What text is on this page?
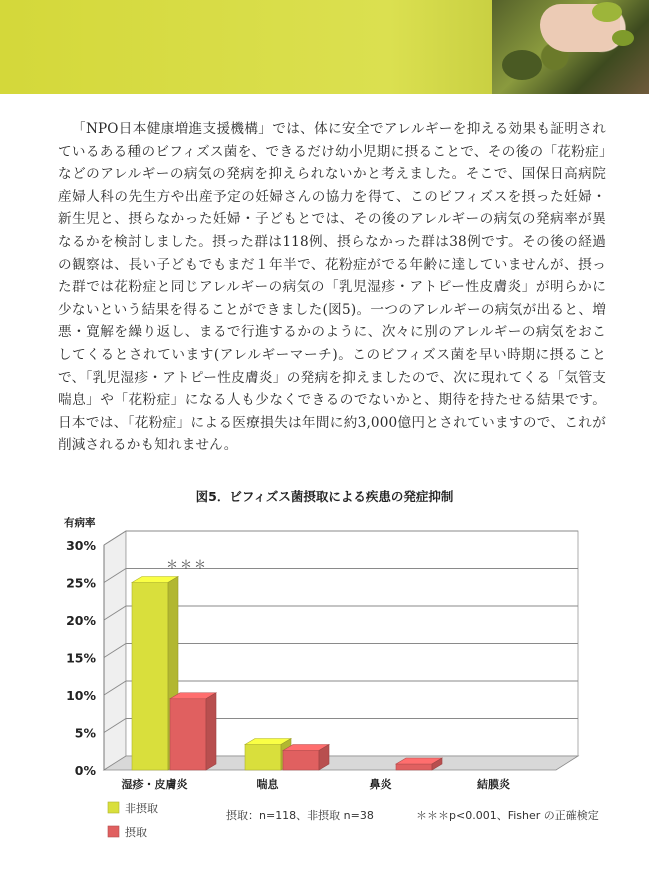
「NPO日本健康増進支援機構」では、体に安全でアレルギーを抑える効果も証明されているある種のビフィズス菌を、できるだけ幼小児期に摂ることで、その後の「花粉症」などのアレルギーの病気の発病を抑えられないかと考えました。そこで、国保日高病院産婦人科の先生方や出産予定の妊婦さんの協力を得て、このビフィズスを摂った妊婦・新生児と、摂らなかった妊婦・子どもとでは、その後のアレルギーの病気の発病率が異なるかを検討しました。摂った群は118例、摂らなかった群は38例です。その後の経過の観察は、長い子どもでもまだ１年半で、花粉症がでる年齢に達していませんが、摂った群では花粉症と同じアレルギーの病気の「乳児湿疹・アトピー性皮膚炎」が明らかに少ないという結果を得ることができました(図5)。一つのアレルギーの病気が出ると、増悪・寛解を繰り返し、まるで行進するかのように、次々に別のアレルギーの病気をおこしてくるとされています(アレルギーマーチ)。このビフィズス菌を早い時期に摂ることで、「乳児湿疹・アトピー性皮膚炎」の発病を抑えましたので、次に現れてくる「気管支喘息」や「花粉症」になる人も少なくできるのでないかと、期待を持たせる結果です。日本では、「花粉症」による医療損失は年間に約3,000億円とされていますので、これが削減されるかも知れません。

図5．ビフィズス菌摂取による疾患の発症抑制
0%
5%
10%
15%
20%
25%
30%
有病率
湿疹・皮膚炎	喘息	鼻炎	結膜炎
＊＊＊
非摂取
摂取
摂取：n=118、非摂取 n=38	＊＊＊p<0.001、Fisher の正確検定
